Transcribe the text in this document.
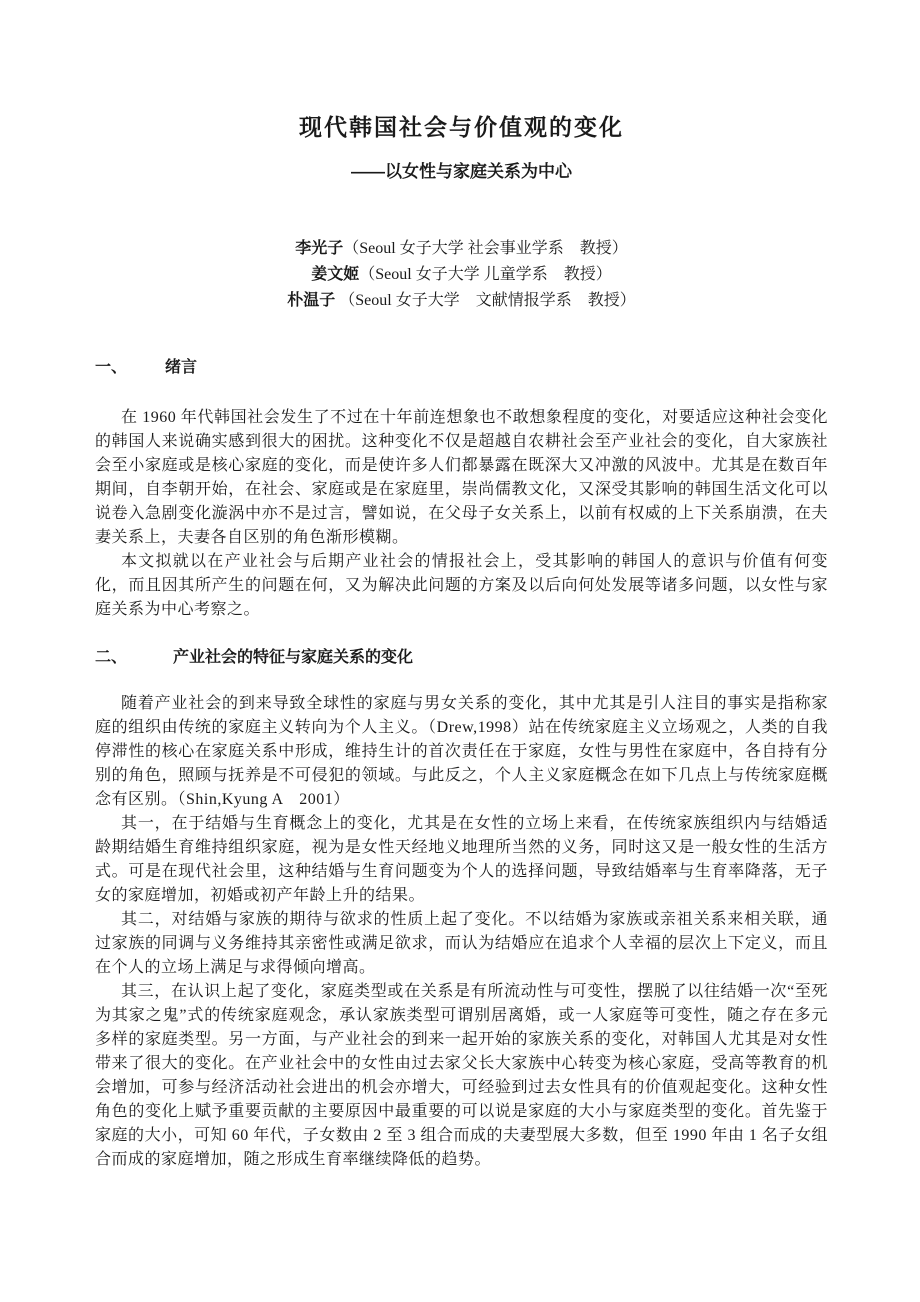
现代韩国社会与价值观的变化
——以女性与家庭关系为中心
李光子（Seoul 女子大学 社会事业学系　教授）
姜文姬（Seoul 女子大学 儿童学系　教授）
朴温子 （Seoul 女子大学　文献情报学系　教授）
一、 绪言

在 1960 年代韩国社会发生了不过在十年前连想象也不敢想象程度的变化，对要适应这种社会变化的韩国人来说确实感到很大的困扰。这种变化不仅是超越自农耕社会至产业社会的变化，自大家族社会至小家庭或是核心家庭的变化，而是使许多人们都暴露在既深大又冲激的风波中。尤其是在数百年期间，自李朝开始，在社会、家庭或是在家庭里，崇尚儒教文化，又深受其影响的韩国生活文化可以说卷入急剧变化漩涡中亦不是过言，譬如说，在父母子女关系上，以前有权威的上下关系崩溃，在夫妻关系上，夫妻各自区别的角色渐形模糊。

本文拟就以在产业社会与后期产业社会的情报社会上，受其影响的韩国人的意识与价值有何变化，而且因其所产生的问题在何，又为解决此问题的方案及以后向何处发展等诸多问题，以女性与家庭关系为中心考察之。

二、	产业社会的特征与家庭关系的变化

随着产业社会的到来导致全球性的家庭与男女关系的变化，其中尤其是引人注目的事实是指称家庭的组织由传统的家庭主义转向为个人主义。（Drew,1998）站在传统家庭主义立场观之，人类的自我停滞性的核心在家庭关系中形成，维持生计的首次责任在于家庭，女性与男性在家庭中，各自持有分别的角色，照顾与抚养是不可侵犯的领域。与此反之，个人主义家庭概念在如下几点上与传统家庭概念有区别。（Shin,Kyung A　2001）

其一，在于结婚与生育概念上的变化，尤其是在女性的立场上来看，在传统家族组织内与结婚适龄期结婚生育维持组织家庭，视为是女性天经地义地理所当然的义务，同时这又是一般女性的生活方式。可是在现代社会里，这种结婚与生育问题变为个人的选择问题，导致结婚率与生育率降落，无子女的家庭增加，初婚或初产年龄上升的结果。

其二，对结婚与家族的期待与欲求的性质上起了变化。不以结婚为家族或亲祖关系来相关联，通过家族的同调与义务维持其亲密性或满足欲求，而认为结婚应在追求个人幸福的层次上下定义，而且在个人的立场上满足与求得倾向增高。

其三，在认识上起了变化，家庭类型或在关系是有所流动性与可变性，摆脱了以往结婚一次“至死为其家之鬼”式的传统家庭观念，承认家族类型可谓别居离婚，或一人家庭等可变性，随之存在多元多样的家庭类型。另一方面，与产业社会的到来一起开始的家族关系的变化，对韩国人尤其是对女性带来了很大的变化。在产业社会中的女性由过去家父长大家族中心转变为核心家庭，受高等教育的机会增加，可参与经济活动社会进出的机会亦增大，可经验到过去女性具有的价值观起变化。这种女性角色的变化上赋予重要贡献的主要原因中最重要的可以说是家庭的大小与家庭类型的变化。首先鉴于家庭的大小，可知 60 年代，子女数由 2 至 3 组合而成的夫妻型展大多数，但至 1990 年由 1 名子女组合而成的家庭增加，随之形成生育率继续降低的趋势。
